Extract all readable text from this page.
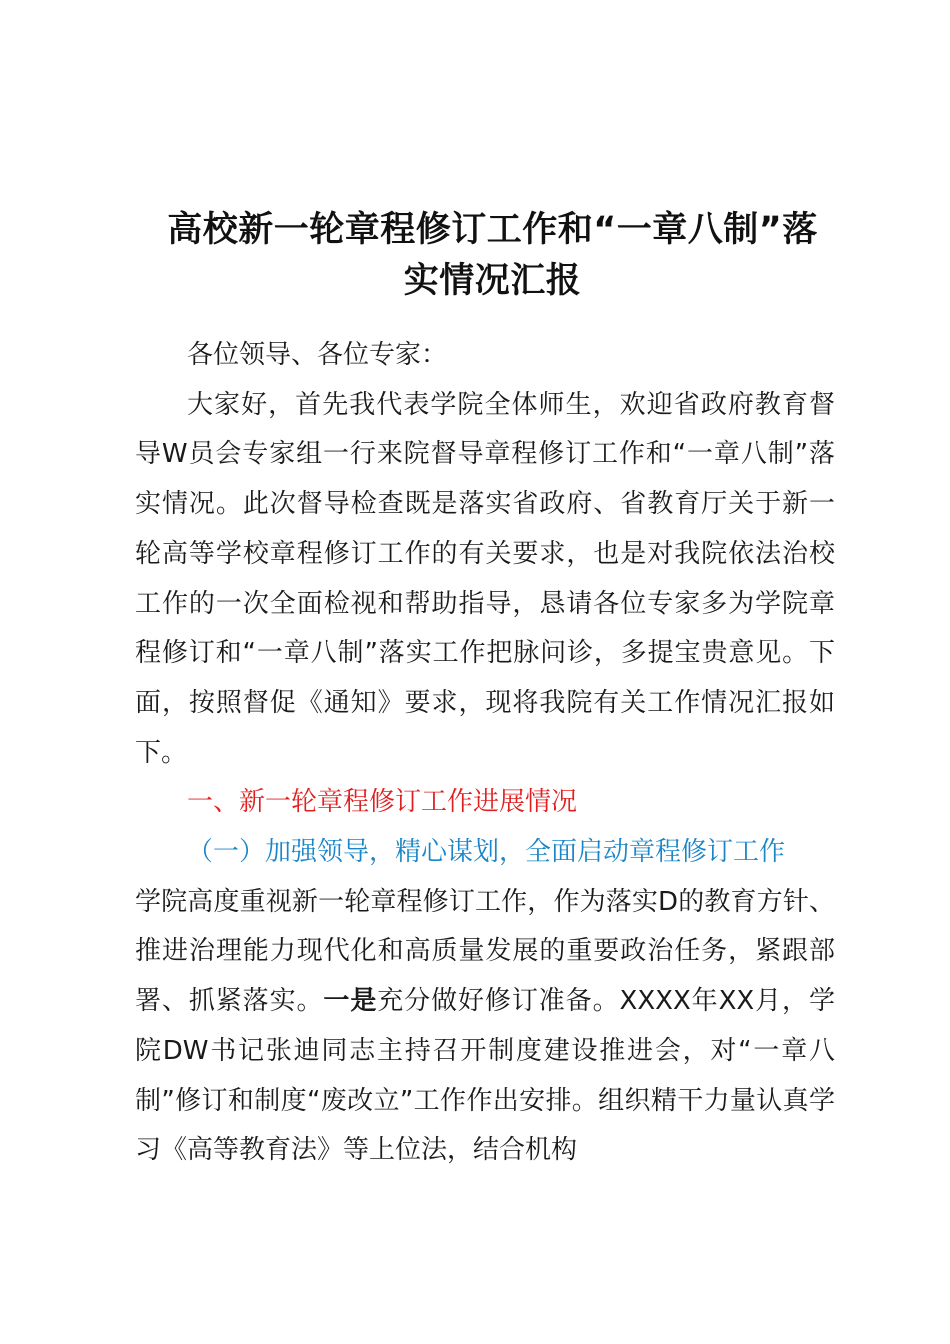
高校新一轮章程修订工作和“一章八制”落
实情况汇报

各位领导、各位专家：

大家好，首先我代表学院全体师生，欢迎省政府教育督导W员会专家组一行来院督导章程修订工作和“一章八制”落实情况。此次督导检查既是落实省政府、省教育厅关于新一轮高等学校章程修订工作的有关要求，也是对我院依法治校工作的一次全面检视和帮助指导，恳请各位专家多为学院章程修订和“一章八制”落实工作把脉问诊，多提宝贵意见。下面，按照督促《通知》要求，现将我院有关工作情况汇报如下。

一、新一轮章程修订工作进展情况

（一）加强领导，精心谋划，全面启动章程修订工作

学院高度重视新一轮章程修订工作，作为落实D的教育方针、推进治理能力现代化和高质量发展的重要政治任务，紧跟部署、抓紧落实。一是充分做好修订准备。XXXX年XX月，学院DW书记张迪同志主持召开制度建设推进会，对“一章八制”修订和制度“废改立”工作作出安排。组织精干力量认真学习《高等教育法》等上位法，结合机构
